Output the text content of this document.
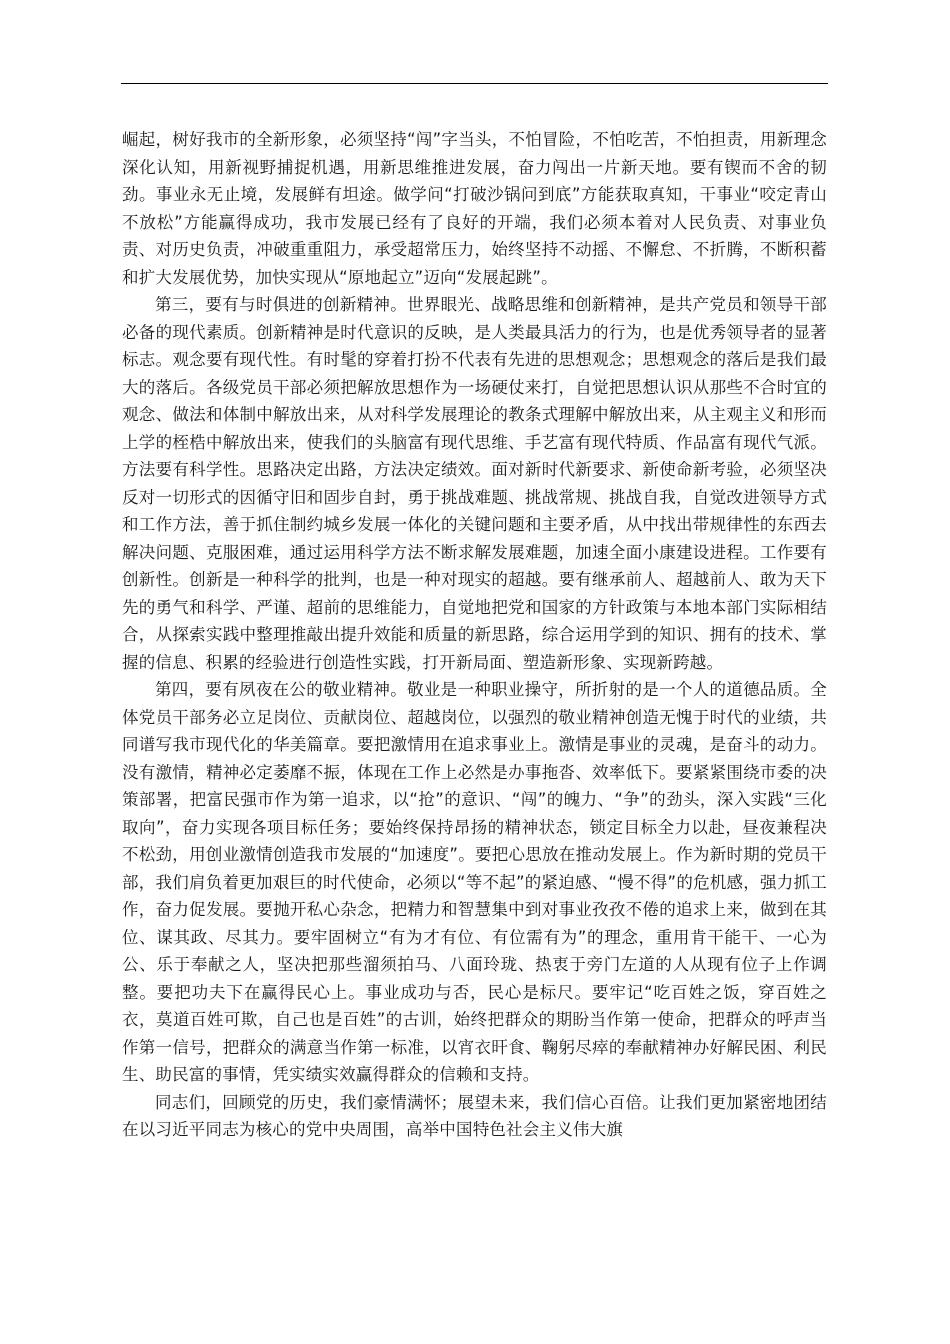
崛起，树好我市的全新形象，必须坚持“闯”字当头，不怕冒险，不怕吃苦，不怕担责，用新理念深化认知，用新视野捕捉机遇，用新思维推进发展，奋力闯出一片新天地。要有锲而不舍的韧劲。事业永无止境，发展鲜有坦途。做学问“打破沙锅问到底”方能获取真知，干事业“咬定青山不放松”方能赢得成功，我市发展已经有了良好的开端，我们必须本着对人民负责、对事业负责、对历史负责，冲破重重阻力，承受超常压力，始终坚持不动摇、不懈怠、不折腾，不断积蓄和扩大发展优势，加快实现从“原地起立”迈向“发展起跳”。

第三，要有与时俱进的创新精神。世界眼光、战略思维和创新精神，是共产党员和领导干部必备的现代素质。创新精神是时代意识的反映，是人类最具活力的行为，也是优秀领导者的显著标志。观念要有现代性。有时髦的穿着打扮不代表有先进的思想观念；思想观念的落后是我们最大的落后。各级党员干部必须把解放思想作为一场硬仗来打，自觉把思想认识从那些不合时宜的观念、做法和体制中解放出来，从对科学发展理论的教条式理解中解放出来，从主观主义和形而上学的桎梏中解放出来，使我们的头脑富有现代思维、手艺富有现代特质、作品富有现代气派。方法要有科学性。思路决定出路，方法决定绩效。面对新时代新要求、新使命新考验，必须坚决反对一切形式的因循守旧和固步自封，勇于挑战难题、挑战常规、挑战自我，自觉改进领导方式和工作方法，善于抓住制约城乡发展一体化的关键问题和主要矛盾，从中找出带规律性的东西去解决问题、克服困难，通过运用科学方法不断求解发展难题，加速全面小康建设进程。工作要有创新性。创新是一种科学的批判，也是一种对现实的超越。要有继承前人、超越前人、敢为天下先的勇气和科学、严谨、超前的思维能力，自觉地把党和国家的方针政策与本地本部门实际相结合，从探索实践中整理推敲出提升效能和质量的新思路，综合运用学到的知识、拥有的技术、掌握的信息、积累的经验进行创造性实践，打开新局面、塑造新形象、实现新跨越。

第四，要有夙夜在公的敬业精神。敬业是一种职业操守，所折射的是一个人的道德品质。全体党员干部务必立足岗位、贡献岗位、超越岗位，以强烈的敬业精神创造无愧于时代的业绩，共同谱写我市现代化的华美篇章。要把激情用在追求事业上。激情是事业的灵魂，是奋斗的动力。没有激情，精神必定萎靡不振，体现在工作上必然是办事拖沓、效率低下。要紧紧围绕市委的决策部署，把富民强市作为第一追求，以“抢”的意识、“闯”的魄力、“争”的劲头，深入实践“三化取向”，奋力实现各项目标任务；要始终保持昂扬的精神状态，锁定目标全力以赴，昼夜兼程决不松劲，用创业激情创造我市发展的“加速度”。要把心思放在推动发展上。作为新时期的党员干部，我们肩负着更加艰巨的时代使命，必须以“等不起”的紧迫感、“慢不得”的危机感，强力抓工作，奋力促发展。要抛开私心杂念，把精力和智慧集中到对事业孜孜不倦的追求上来，做到在其位、谋其政、尽其力。要牢固树立“有为才有位、有位需有为”的理念，重用肯干能干、一心为公、乐于奉献之人，坚决把那些溜须拍马、八面玲珑、热衷于旁门左道的人从现有位子上作调整。要把功夫下在赢得民心上。事业成功与否，民心是标尺。要牢记“吃百姓之饭，穿百姓之衣，莫道百姓可欺，自己也是百姓”的古训，始终把群众的期盼当作第一使命，把群众的呼声当作第一信号，把群众的满意当作第一标准，以宵衣旰食、鞠躬尽瘁的奉献精神办好解民困、利民生、助民富的事情，凭实绩实效赢得群众的信赖和支持。

同志们，回顾党的历史，我们豪情满怀；展望未来，我们信心百倍。让我们更加紧密地团结在以习近平同志为核心的党中央周围，高举中国特色社会主义伟大旗
